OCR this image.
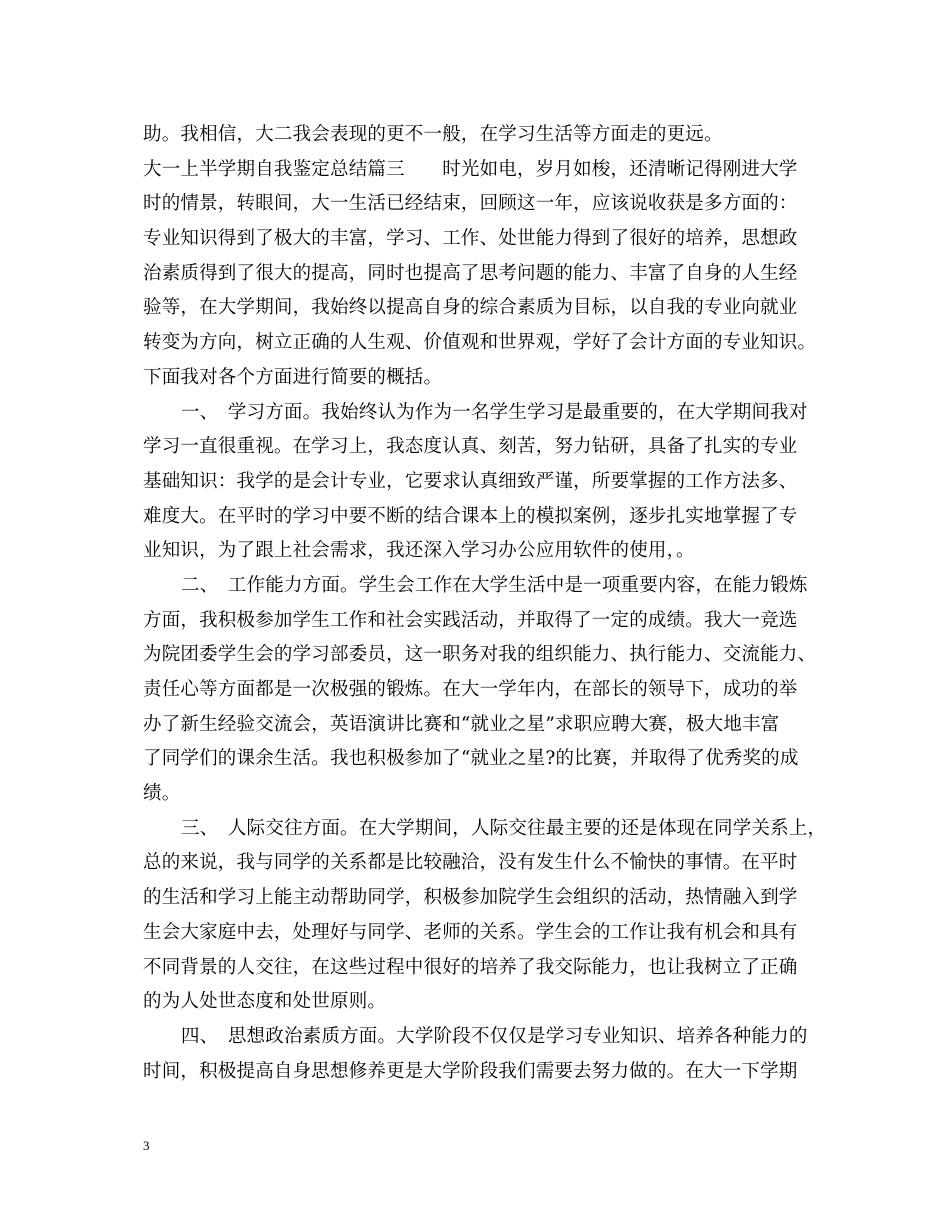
助。我相信，大二我会表现的更不一般，在学习生活等方面走的更远。
大一上半学期自我鉴定总结篇三　　时光如电，岁月如梭，还清晰记得刚进大学
时的情景，转眼间，大一生活已经结束，回顾这一年，应该说收获是多方面的：
专业知识得到了极大的丰富，学习、工作、处世能力得到了很好的培养，思想政
治素质得到了很大的提高，同时也提高了思考问题的能力、丰富了自身的人生经
验等，在大学期间，我始终以提高自身的综合素质为目标，以自我的专业向就业
转变为方向，树立正确的人生观、价值观和世界观，学好了会计方面的专业知识。
下面我对各个方面进行简要的概括。
一、　学习方面。我始终认为作为一名学生学习是最重要的，在大学期间我对
学习一直很重视。在学习上，我态度认真、刻苦，努力钻研，具备了扎实的专业
基础知识：我学的是会计专业，它要求认真细致严谨，所要掌握的工作方法多、
难度大。在平时的学习中要不断的结合课本上的模拟案例，逐步扎实地掌握了专
业知识，为了跟上社会需求，我还深入学习办公应用软件的使用，。
二、　工作能力方面。学生会工作在大学生活中是一项重要内容，在能力锻炼
方面，我积极参加学生工作和社会实践活动，并取得了一定的成绩。我大一竞选
为院团委学生会的学习部委员，这一职务对我的组织能力、执行能力、交流能力、
责任心等方面都是一次极强的锻炼。在大一学年内，在部长的领导下，成功的举
办了新生经验交流会，英语演讲比赛和“就业之星”求职应聘大赛，极大地丰富
了同学们的课余生活。我也积极参加了“就业之星?的比赛，并取得了优秀奖的成
绩。
三、　人际交往方面。在大学期间，人际交往最主要的还是体现在同学关系上，
总的来说，我与同学的关系都是比较融洽，没有发生什么不愉快的事情。在平时
的生活和学习上能主动帮助同学，积极参加院学生会组织的活动，热情融入到学
生会大家庭中去，处理好与同学、老师的关系。学生会的工作让我有机会和具有
不同背景的人交往，在这些过程中很好的培养了我交际能力，也让我树立了正确
的为人处世态度和处世原则。
四、　思想政治素质方面。大学阶段不仅仅是学习专业知识、培养各种能力的
时间，积极提高自身思想修养更是大学阶段我们需要去努力做的。在大一下学期
3
